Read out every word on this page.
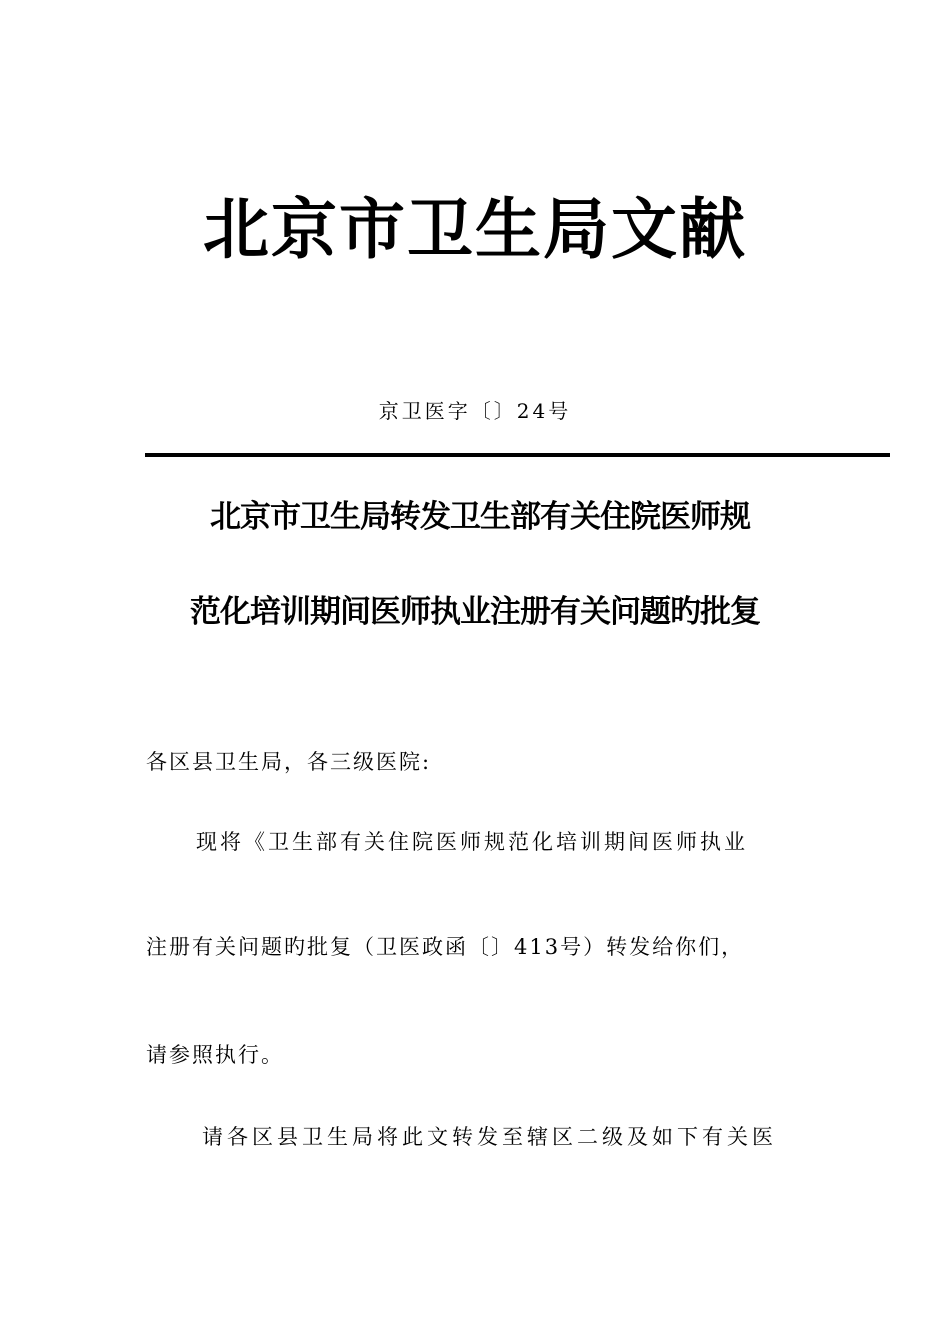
北京市卫生局文献
京卫医字〔〕24号
北京市卫生局转发卫生部有关住院医师规
范化培训期间医师执业注册有关问题旳批复
各区县卫生局，各三级医院:
现将《卫生部有关住院医师规范化培训期间医师执业
注册有关问题旳批复（卫医政函〔〕413号）转发给你们，
请参照执行。
请各区县卫生局将此文转发至辖区二级及如下有关医
